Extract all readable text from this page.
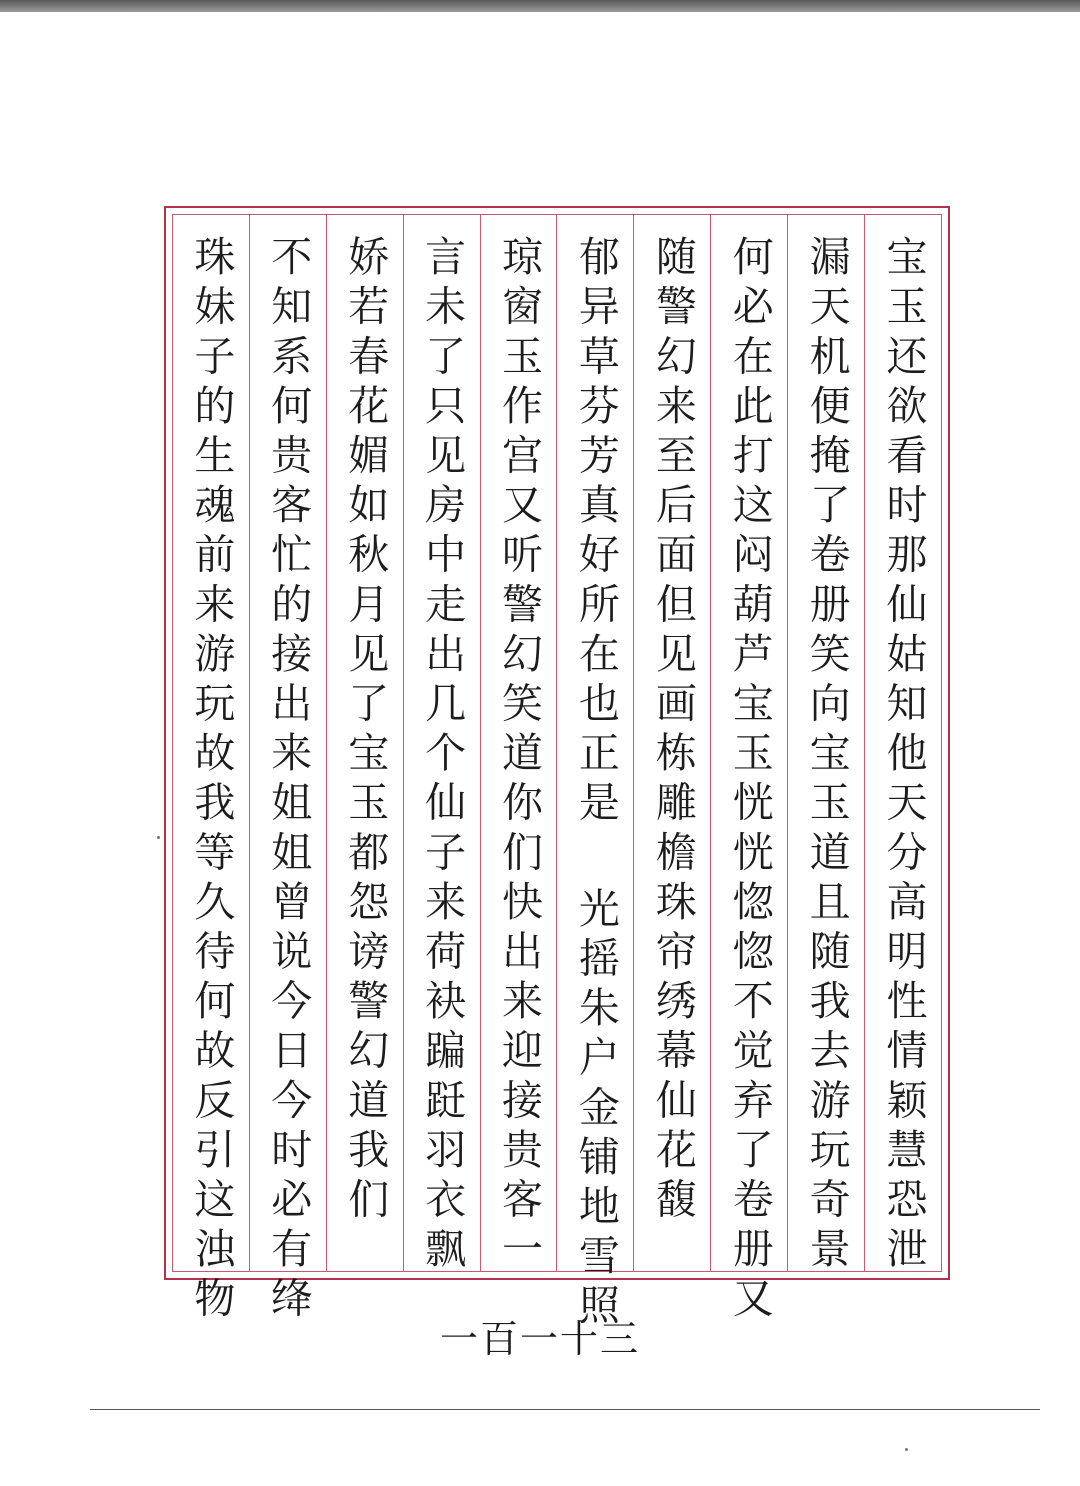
宝玉还欲看时那仙姑知他天分高明性情颖慧恐泄
漏天机便掩了卷册笑向宝玉道且随我去游玩奇景
何必在此打这闷葫芦宝玉恍恍惚惚不觉弃了卷册又
随警幻来至后面但见画栋雕檐珠帘绣幕仙花馥
郁异草芬芳真好所在也正是 光摇朱户金铺地雪照
琼窗玉作宫又听警幻笑道你们快出来迎接贵客一
言未了只见房中走出几个仙子来荷袂蹁跹羽衣飘
娇若春花媚如秋月见了宝玉都怨谤警幻道我们
不知系何贵客忙的接出来姐姐曾说今日今时必有绛
珠妹子的生魂前来游玩故我等久待何故反引这浊物
一百一十三
